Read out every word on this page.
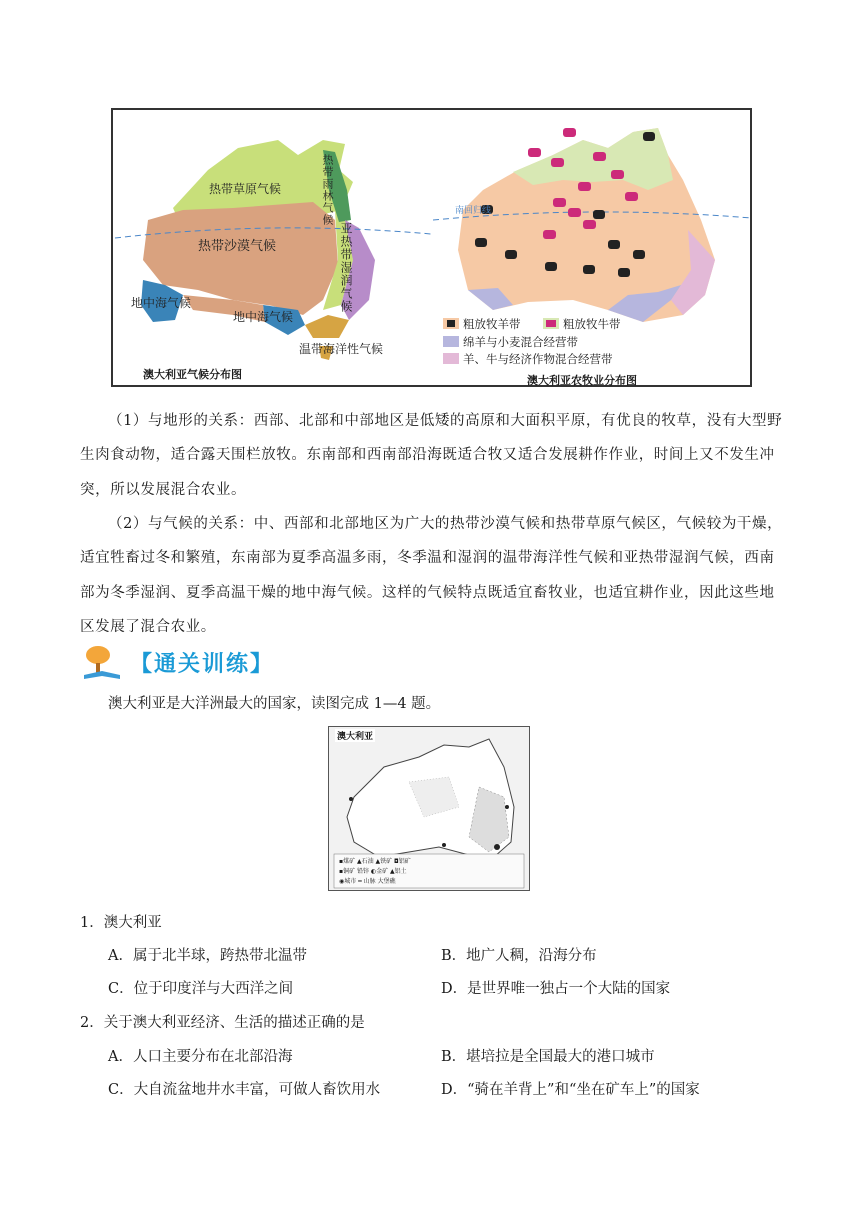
热带草原气候	热带雨林气候
热带沙漠气候	亚热带湿润气候
地中海气候
地中海气候
温带海洋性气候
澳大利亚气候分布图
南回归线
粗放牧羊带	粗放牧牛带
绵羊与小麦混合经营带
羊、牛与经济作物混合经营带
澳大利亚农牧业分布图
（1）与地形的关系：西部、北部和中部地区是低矮的高原和大面积平原，有优良的牧草，没有大型野
生肉食动物，适合露天围栏放牧。东南部和西南部沿海既适合牧又适合发展耕作作业，时间上又不发生冲
突，所以发展混合农业。
（2）与气候的关系：中、西部和北部地区为广大的热带沙漠气候和热带草原气候区，气候较为干燥，
适宜牲畜过冬和繁殖，东南部为夏季高温多雨，冬季温和湿润的温带海洋性气候和亚热带湿润气候，西南
部为冬季湿润、夏季高温干燥的地中海气候。这样的气候特点既适宜畜牧业，也适宜耕作业，因此这些地
区发展了混合农业。
【通关训练】
澳大利亚是大洋洲最大的国家，读图完成 1—4 题。
澳大利亚
▪煤矿 ▲石油 ▲铁矿 ◘铝矿
▪铜矿 铅锌 ◐金矿 ▲铝土
◉城市 ━ 山脉 大堡礁
1．澳大利亚
A．属于北半球，跨热带北温带	B．地广人稠，沿海分布
C．位于印度洋与大西洋之间	D．是世界唯一独占一个大陆的国家
2．关于澳大利亚经济、生活的描述正确的是
A．人口主要分布在北部沿海	B．堪培拉是全国最大的港口城市
C．大自流盆地井水丰富，可做人畜饮用水	D．“骑在羊背上”和“坐在矿车上”的国家
